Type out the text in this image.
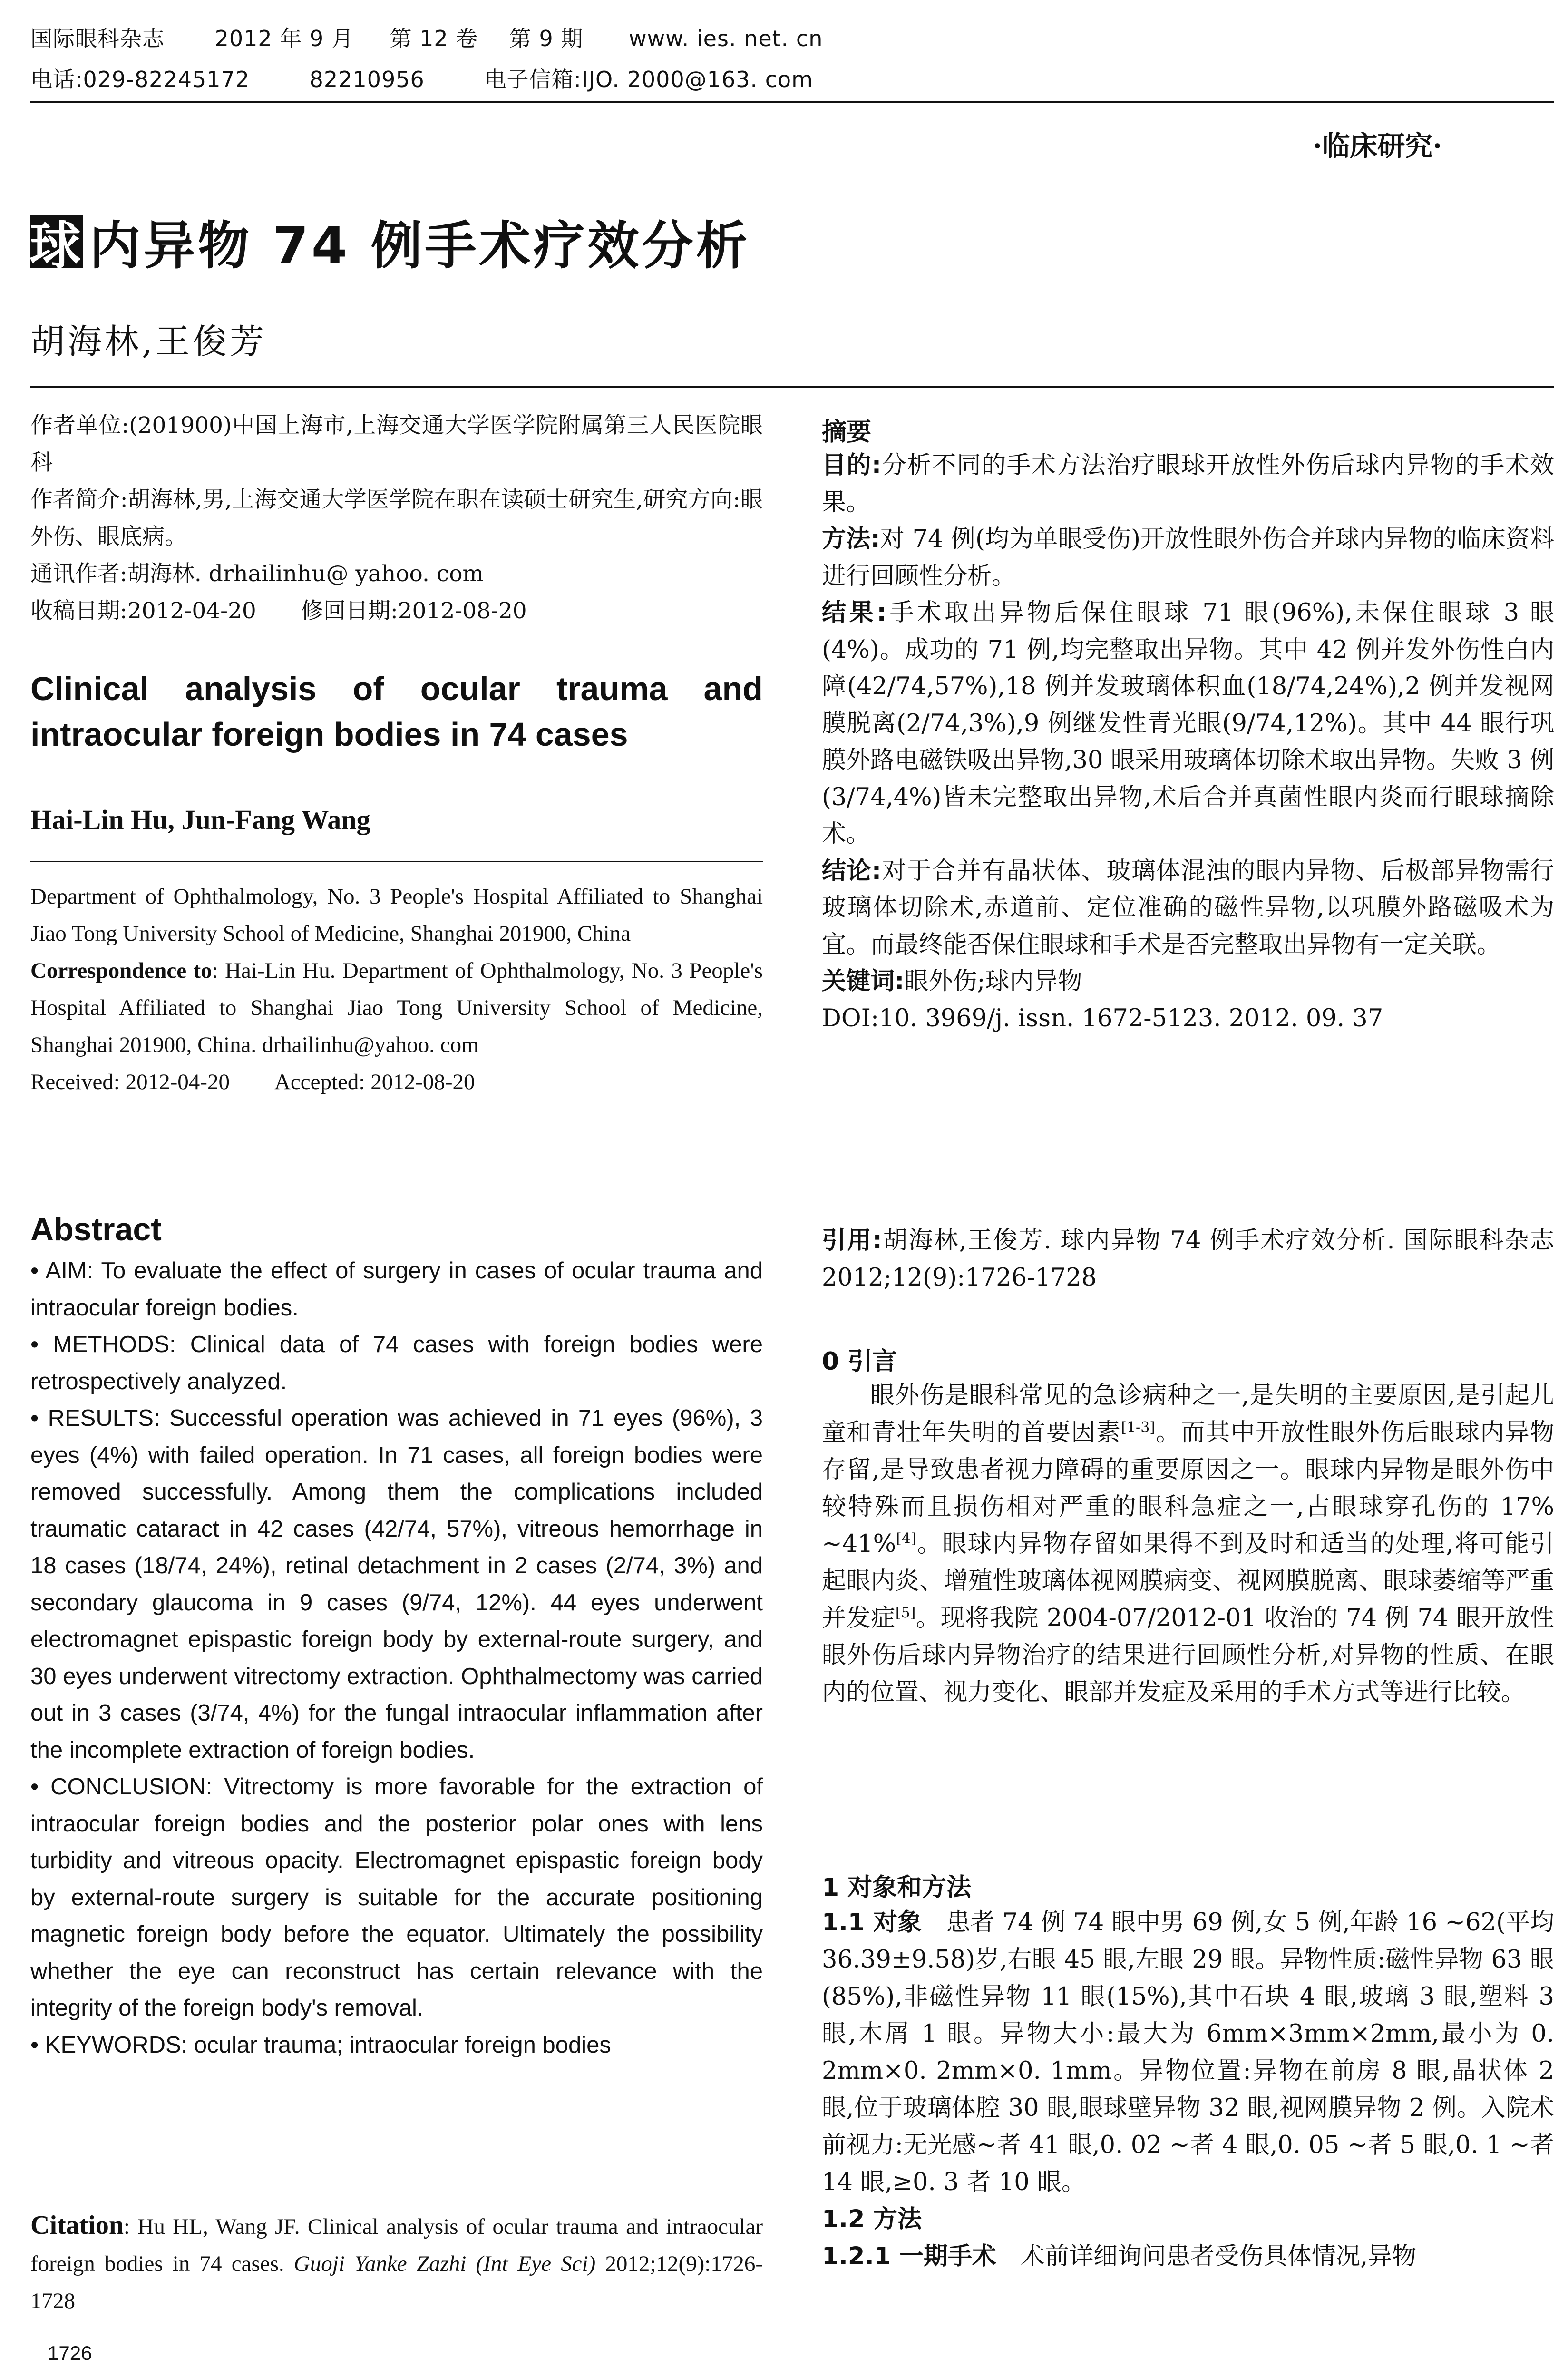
国际眼科杂志 2012 年 9 月 第 12 卷 第 9 期 www. ies. net. cn
电话:029-82245172	82210956	电子信箱:IJO. 2000@163. com
·临床研究·
球 内异物 74 例手术疗效分析
胡海林,王俊芳

作者单位:(201900)中国上海市,上海交通大学医学院附属第三人民医院眼科

作者简介:胡海林,男,上海交通大学医学院在职在读硕士研究生,研究方向:眼外伤、眼底病。

通讯作者:胡海林. drhailinhu@ yahoo. com

收稿日期:2012-04-20　　修回日期:2012-08-20

Clinical analysis of ocular trauma and intraocular foreign bodies in 74 cases
Hai-Lin Hu, Jun-Fang Wang

Department of Ophthalmology, No. 3 People's Hospital Affiliated to Shanghai Jiao Tong University School of Medicine, Shanghai 201900, China

Correspondence to: Hai-Lin Hu. Department of Ophthalmology, No. 3 People's Hospital Affiliated to Shanghai Jiao Tong University School of Medicine, Shanghai 201900, China. drhailinhu@yahoo. com

Received: 2012-04-20　　Accepted: 2012-08-20

Abstract

• AIM: To evaluate the effect of surgery in cases of ocular trauma and intraocular foreign bodies.

• METHODS: Clinical data of 74 cases with foreign bodies were retrospectively analyzed.

• RESULTS: Successful operation was achieved in 71 eyes (96%), 3 eyes (4%) with failed operation. In 71 cases, all foreign bodies were removed successfully. Among them the complications included traumatic cataract in 42 cases (42/74, 57%), vitreous hemorrhage in 18 cases (18/74, 24%), retinal detachment in 2 cases (2/74, 3%) and secondary glaucoma in 9 cases (9/74, 12%). 44 eyes underwent electromagnet epispastic foreign body by external-route surgery, and 30 eyes underwent vitrectomy extraction. Ophthalmectomy was carried out in 3 cases (3/74, 4%) for the fungal intraocular inflammation after the incomplete extraction of foreign bodies.

• CONCLUSION: Vitrectomy is more favorable for the extraction of intraocular foreign bodies and the posterior polar ones with lens turbidity and vitreous opacity. Electromagnet epispastic foreign body by external-route surgery is suitable for the accurate positioning magnetic foreign body before the equator. Ultimately the possibility whether the eye can reconstruct has certain relevance with the integrity of the foreign body's removal.

• KEYWORDS: ocular trauma; intraocular foreign bodies

Citation: Hu HL, Wang JF. Clinical analysis of ocular trauma and intraocular foreign bodies in 74 cases. Guoji Yanke Zazhi (Int Eye Sci) 2012;12(9):1726-1728

1726
摘要

目的:分析不同的手术方法治疗眼球开放性外伤后球内异物的手术效果。

方法:对 74 例(均为单眼受伤)开放性眼外伤合并球内异物的临床资料进行回顾性分析。

结果:手术取出异物后保住眼球 71 眼(96%),未保住眼球 3 眼(4%)。成功的 71 例,均完整取出异物。其中 42 例并发外伤性白内障(42/74,57%),18 例并发玻璃体积血(18/74,24%),2 例并发视网膜脱离(2/74,3%),9 例继发性青光眼(9/74,12%)。其中 44 眼行巩膜外路电磁铁吸出异物,30 眼采用玻璃体切除术取出异物。失败 3 例(3/74,4%)皆未完整取出异物,术后合并真菌性眼内炎而行眼球摘除术。

结论:对于合并有晶状体、玻璃体混浊的眼内异物、后极部异物需行玻璃体切除术,赤道前、定位准确的磁性异物,以巩膜外路磁吸术为宜。而最终能否保住眼球和手术是否完整取出异物有一定关联。

关键词:眼外伤;球内异物

DOI:10. 3969/j. issn. 1672-5123. 2012. 09. 37

引用:胡海林,王俊芳. 球内异物 74 例手术疗效分析. 国际眼科杂志 2012;12(9):1726-1728

0 引言

眼外伤是眼科常见的急诊病种之一,是失明的主要原因,是引起儿童和青壮年失明的首要因素[1-3]。而其中开放性眼外伤后眼球内异物存留,是导致患者视力障碍的重要原因之一。眼球内异物是眼外伤中较特殊而且损伤相对严重的眼科急症之一,占眼球穿孔伤的 17% ~41%[4]。眼球内异物存留如果得不到及时和适当的处理,将可能引起眼内炎、增殖性玻璃体视网膜病变、视网膜脱离、眼球萎缩等严重并发症[5]。现将我院 2004-07/2012-01 收治的 74 例 74 眼开放性眼外伤后球内异物治疗的结果进行回顾性分析,对异物的性质、在眼内的位置、视力变化、眼部并发症及采用的手术方式等进行比较。

1 对象和方法

1.1 对象　患者 74 例 74 眼中男 69 例,女 5 例,年龄 16 ~62(平均 36.39±9.58)岁,右眼 45 眼,左眼 29 眼。异物性质:磁性异物 63 眼(85%),非磁性异物 11 眼(15%),其中石块 4 眼,玻璃 3 眼,塑料 3 眼,木屑 1 眼。异物大小:最大为 6mm×3mm×2mm,最小为 0. 2mm×0. 2mm×0. 1mm。异物位置:异物在前房 8 眼,晶状体 2 眼,位于玻璃体腔 30 眼,眼球壁异物 32 眼,视网膜异物 2 例。入院术前视力:无光感~者 41 眼,0. 02 ~者 4 眼,0. 05 ~者 5 眼,0. 1 ~者 14 眼,≥0. 3 者 10 眼。

1.2 方法

1.2.1 一期手术　术前详细询问患者受伤具体情况,异物
